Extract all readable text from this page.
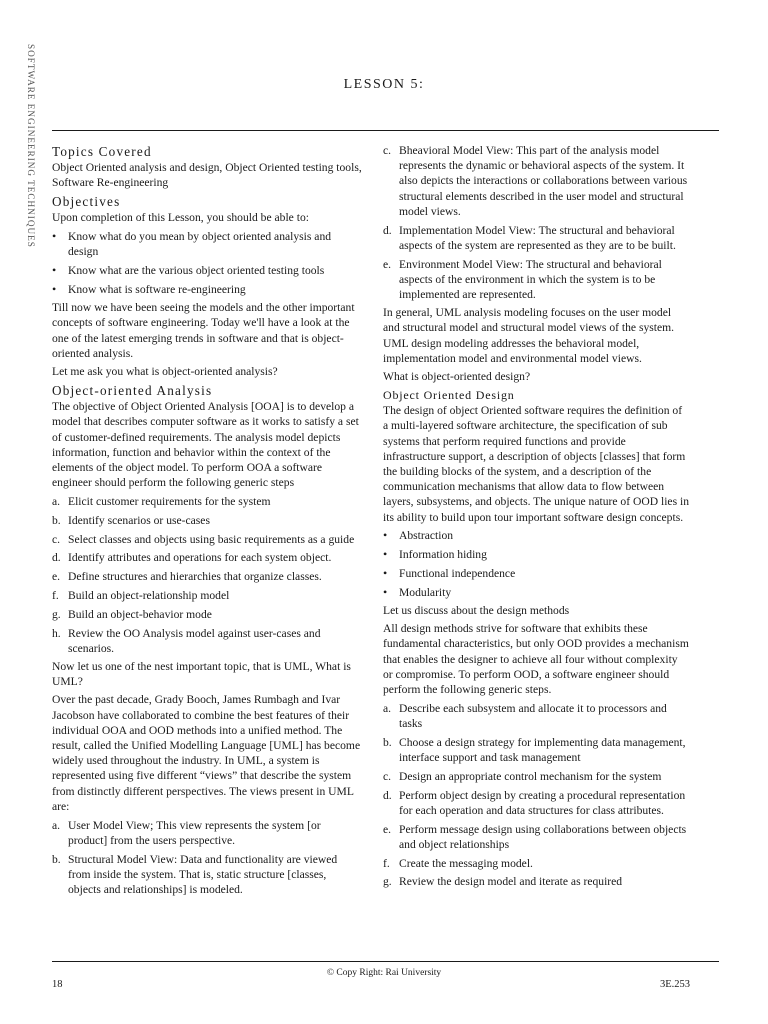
SOFTWARE ENGINEERING TECHNIQUES	LESSON 5:
Topics Covered

Object Oriented analysis and design, Object Oriented testing tools, Software Re-engineering

Objectives

Upon completion of this Lesson, you should be able to:

• Know what do you mean by object oriented analysis and design
• Know what are the various object oriented testing tools
• Know what is software re-engineering

Till now we have been seeing the models and the other important concepts of software engineering. Today we'll have a look at the one of the latest emerging trends in software and that is object-oriented analysis.

Let me ask you what is object-oriented analysis?

Object-oriented Analysis

The objective of Object Oriented Analysis [OOA] is to develop a model that describes computer software as it works to satisfy a set of customer-defined requirements. The analysis model depicts information, function and behavior within the context of the elements of the object model. To perform OOA a software engineer should perform the following generic steps

a. Elicit customer requirements for the system
b. Identify scenarios or use-cases
c. Select classes and objects using basic requirements as a guide
d. Identify attributes and operations for each system object.
e. Define structures and hierarchies that organize classes.
f. Build an object-relationship model
g. Build an object-behavior mode
h. Review the OO Analysis model against user-cases and scenarios.

Now let us one of the nest important topic, that is UML, What is UML?

Over the past decade, Grady Booch, James Rumbagh and Ivar Jacobson have collaborated to combine the best features of their individual OOA and OOD methods into a unified method. The result, called the Unified Modelling Language [UML] has become widely used throughout the industry. In UML, a system is represented using five different “views” that describe the system from distinctly different perspectives. The views present in UML are:

a. User Model View; This view represents the system [or product] from the users perspective.
b. Structural Model View: Data and functionality are viewed from inside the system. That is, static structure [classes, objects and relationships] is modeled.
c. Bheavioral Model View: This part of the analysis model represents the dynamic or behavioral aspects of the system. It also depicts the interactions or collaborations between various structural elements described in the user model and structural model views.
d. Implementation Model View: The structural and behavioral aspects of the system are represented as they are to be built.
e. Environment Model View: The structural and behavioral aspects of the environment in which the system is to be implemented are represented.

In general, UML analysis modeling focuses on the user model and structural model and structural model views of the system. UML design modeling addresses the behavioral model, implementation model and environmental model views.

What is object-oriented design?

Object Oriented Design

The design of object Oriented software requires the definition of a multi-layered software architecture, the specification of sub systems that perform required functions and provide infrastructure support, a description of objects [classes] that form the building blocks of the system, and a description of the communication mechanisms that allow data to flow between layers, subsystems, and objects. The unique nature of OOD lies in its ability to build upon tour important software design concepts.

• Abstraction
• Information hiding
• Functional independence
• Modularity

Let us discuss about the design methods

All design methods strive for software that exhibits these fundamental characteristics, but only OOD provides a mechanism that enables the designer to achieve all four without complexity or compromise. To perform OOD, a software engineer should perform the following generic steps.

a. Describe each subsystem and allocate it to processors and tasks
b. Choose a design strategy for implementing data management, interface support and task management
c. Design an appropriate control mechanism for the system
d. Perform object design by creating a procedural representation for each operation and data structures for class attributes.
e. Perform message design using collaborations between objects and object relationships
f. Create the messaging model.
g. Review the design model and iterate as required
© Copy Right: Rai University
18	3E.253
